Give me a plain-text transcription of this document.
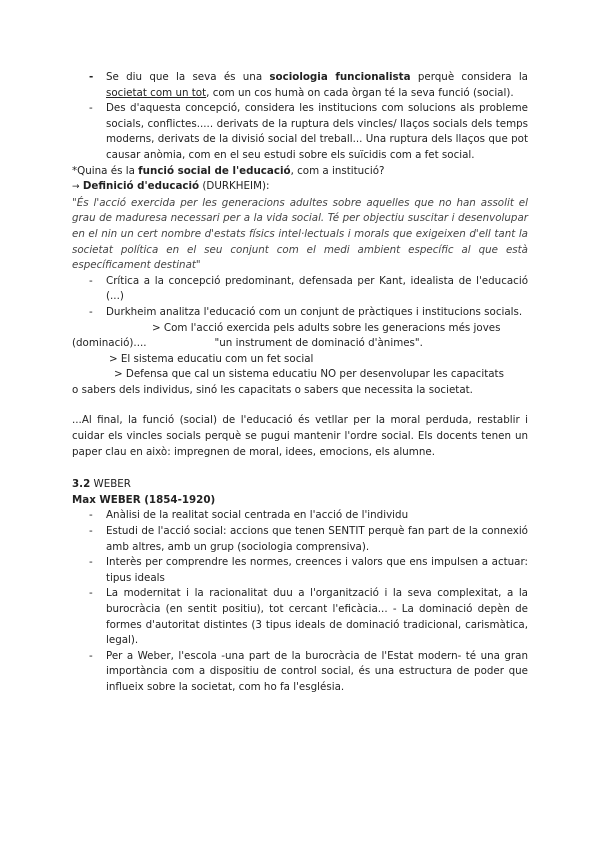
- Se diu que la seva és una sociologia funcionalista perquè considera la societat com un tot, com un cos humà on cada òrgan té la seva funció (social).
- Des d'aquesta concepció, considera les institucions com solucions als probleme socials, conflictes..... derivats de la ruptura dels vincles/ llaços socials dels temps moderns, derivats de la divisió social del treball... Una ruptura dels llaços que pot causar anòmia, com en el seu estudi sobre els suïcidis com a fet social.

*Quina és la funció social de l'educació, com a institució?

→ Definició d'educació (DURKHEIM):

"És l'acció exercida per les generacions adultes sobre aquelles que no han assolit el grau de maduresa necessari per a la vida social. Té per objectiu suscitar i desenvolupar en el nin un cert nombre d'estats físics intel·lectuals i morals que exigeixen d'ell tant la societat política en el seu conjunt com el medi ambient específic al que està específicament destinat"

- Crítica a la concepció predominant, defensada per Kant, idealista de l'educació (...)
- Durkheim analitza l'educació com un conjunt de pràctiques i institucions socials.

> Com l'acció exercida pels adults sobre les generacions més joves

(dominació)....	"un instrument de dominació d'ànimes".

> El sistema educatiu com un fet social

> Defensa que cal un sistema educatiu NO per desenvolupar les capacitats

o sabers dels individus, sinó les capacitats o sabers que necessita la societat.

...Al final, la funció (social) de l'educació és vetllar per la moral perduda, restablir i cuidar els vincles socials perquè se pugui mantenir l'ordre social. Els docents tenen un paper clau en això: impregnen de moral, idees, emocions, els alumne.

3.2 WEBER

Max WEBER (1854-1920)

- Anàlisi de la realitat social centrada en l'acció de l'individu
- Estudi de l'acció social: accions que tenen SENTIT perquè fan part de la connexió amb altres, amb un grup (sociologia comprensiva).
- Interès per comprendre les normes, creences i valors que ens impulsen a actuar: tipus ideals
- La modernitat i la racionalitat duu a l'organització i la seva complexitat, a la burocràcia (en sentit positiu), tot cercant l'eficàcia... - La dominació depèn de formes d'autoritat distintes (3 tipus ideals de dominació tradicional, carismàtica, legal).
- Per a Weber, l'escola -una part de la burocràcia de l'Estat modern- té una gran importància com a dispositiu de control social, és una estructura de poder que influeix sobre la societat, com ho fa l'església.
